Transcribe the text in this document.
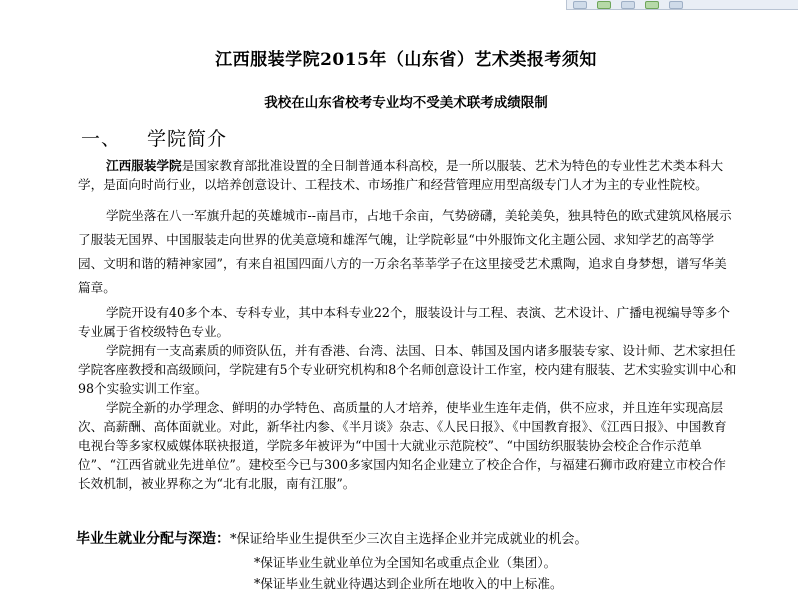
江西服装学院2015年（山东省）艺术类报考须知
我校在山东省校考专业均不受美术联考成绩限制
一、 学院简介

江西服装学院是国家教育部批准设置的全日制普通本科高校，是一所以服装、艺术为特色的专业性艺术类本科大学，是面向时尚行业，以培养创意设计、工程技术、市场推广和经营管理应用型高级专门人才为主的专业性院校。

学院坐落在八一军旗升起的英雄城市--南昌市，占地千余亩，气势磅礴，美轮美奂，独具特色的欧式建筑风格展示了服装无国界、中国服装走向世界的优美意境和雄浑气魄，让学院彰显“中外服饰文化主题公园、求知学艺的高等学园、文明和谐的精神家园”，有来自祖国四面八方的一万余名莘莘学子在这里接受艺术熏陶，追求自身梦想，谱写华美篇章。

学院开设有40多个本、专科专业，其中本科专业22个，服装设计与工程、表演、艺术设计、广播电视编导等多个专业属于省校级特色专业。

学院拥有一支高素质的师资队伍，并有香港、台湾、法国、日本、韩国及国内诸多服装专家、设计师、艺术家担任学院客座教授和高级顾问，学院建有5个专业研究机构和8个名师创意设计工作室，校内建有服装、艺术实验实训中心和98个实验实训工作室。

学院全新的办学理念、鲜明的办学特色、高质量的人才培养，使毕业生连年走俏，供不应求，并且连年实现高层次、高薪酬、高体面就业。对此，新华社内参、《半月谈》杂志、《人民日报》、《中国教育报》、《江西日报》、中国教育电视台等多家权威媒体联袂报道，学院多年被评为“中国十大就业示范院校”、“中国纺织服装协会校企合作示范单位”、“江西省就业先进单位”。建校至今已与300多家国内知名企业建立了校企合作，与福建石狮市政府建立市校合作长效机制，被业界称之为“北有北服，南有江服”。

毕业生就业分配与深造：*保证给毕业生提供至少三次自主选择企业并完成就业的机会。
*保证毕业生就业单位为全国知名或重点企业（集团）。
*保证毕业生就业待遇达到企业所在地收入的中上标准。
